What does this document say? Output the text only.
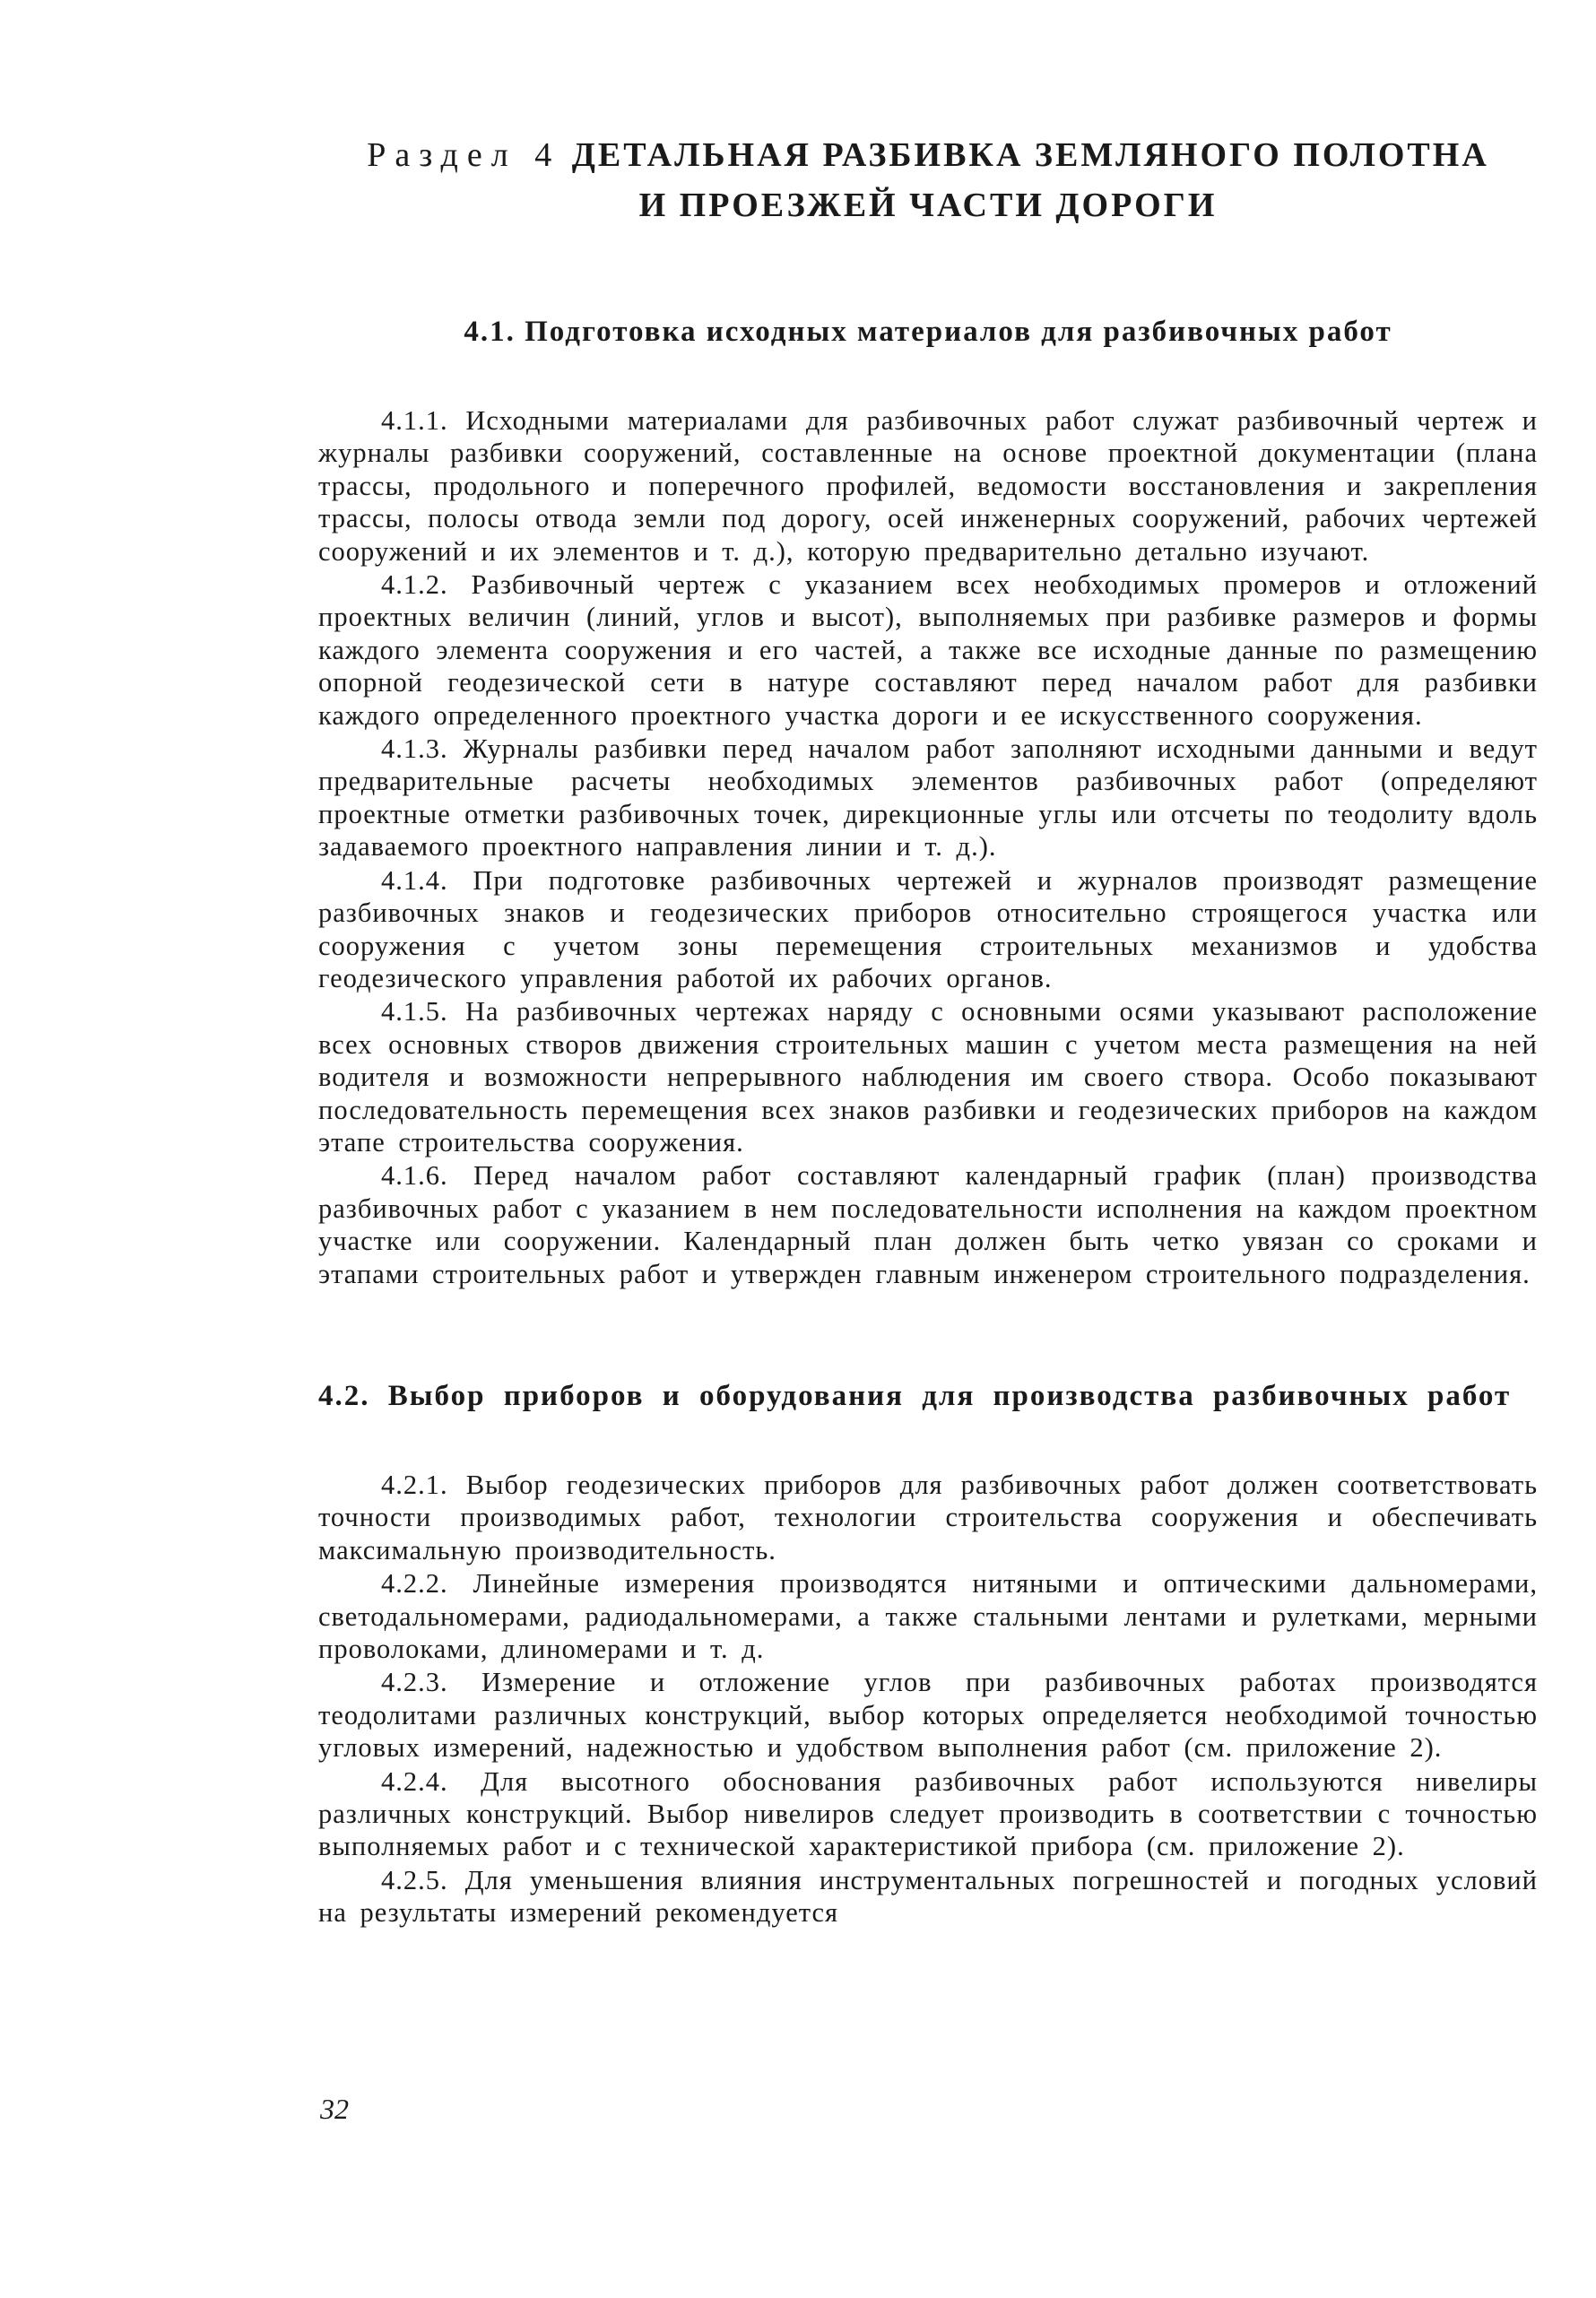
Раздел 4 ДЕТАЛЬНАЯ РАЗБИВКА ЗЕМЛЯНОГО ПОЛОТНА
И ПРОЕЗЖЕЙ ЧАСТИ ДОРОГИ
4.1. Подготовка исходных материалов для разбивочных работ

4.1.1. Исходными материалами для разбивочных работ служат разбивочный чертеж и журналы разбивки сооружений, составленные на основе проектной документации (плана трассы, продольного и поперечного профилей, ведомости восстановления и закрепления трассы, полосы отвода земли под дорогу, осей инженерных сооружений, рабочих чертежей сооружений и их элементов и т. д.), которую предварительно детально изучают.

4.1.2. Разбивочный чертеж с указанием всех необходимых промеров и отложений проектных величин (линий, углов и высот), выполняемых при разбивке размеров и формы каждого элемента сооружения и его частей, а также все исходные данные по размещению опорной геодезической сети в натуре составляют перед началом работ для разбивки каждого определенного проектного участка дороги и ее искусственного сооружения.

4.1.3. Журналы разбивки перед началом работ заполняют исходными данными и ведут предварительные расчеты необходимых элементов разбивочных работ (определяют проектные отметки разбивочных точек, дирекционные углы или отсчеты по теодолиту вдоль задаваемого проектного направления линии и т. д.).

4.1.4. При подготовке разбивочных чертежей и журналов производят размещение разбивочных знаков и геодезических приборов относительно строящегося участка или сооружения с учетом зоны перемещения строительных механизмов и удобства геодезического управления работой их рабочих органов.

4.1.5. На разбивочных чертежах наряду с основными осями указывают расположение всех основных створов движения строительных машин с учетом места размещения на ней водителя и возможности непрерывного наблюдения им своего створа. Особо показывают последовательность перемещения всех знаков разбивки и геодезических приборов на каждом этапе строительства сооружения.

4.1.6. Перед началом работ составляют календарный график (план) производства разбивочных работ с указанием в нем последовательности исполнения на каждом проектном участке или сооружении. Календарный план должен быть четко увязан со сроками и этапами строительных работ и утвержден главным инженером строительного подразделения.

4.2. Выбор приборов и оборудования для производства разбивочных работ

4.2.1. Выбор геодезических приборов для разбивочных работ должен соответствовать точности производимых работ, технологии строительства сооружения и обеспечивать максимальную производительность.

4.2.2. Линейные измерения производятся нитяными и оптическими дальномерами, светодальномерами, радиодальномерами, а также стальными лентами и рулетками, мерными проволоками, длиномерами и т. д.

4.2.3. Измерение и отложение углов при разбивочных работах производятся теодолитами различных конструкций, выбор которых определяется необходимой точностью угловых измерений, надежностью и удобством выполнения работ (см. приложение 2).

4.2.4. Для высотного обоснования разбивочных работ используются нивелиры различных конструкций. Выбор нивелиров следует производить в соответствии с точностью выполняемых работ и с технической характеристикой прибора (см. приложение 2).

4.2.5. Для уменьшения влияния инструментальных погрешностей и погодных условий на результаты измерений рекомендуется

32
